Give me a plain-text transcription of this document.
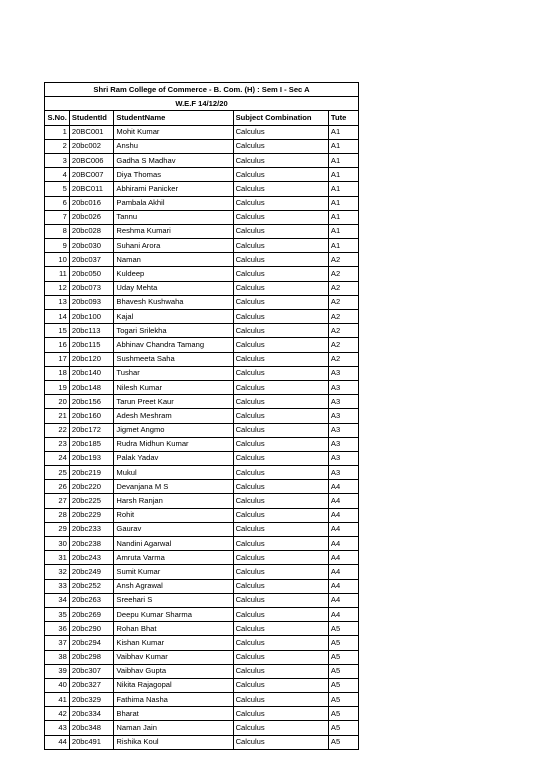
Shri Ram College of Commerce - B. Com. (H) : Sem I - Sec A				
W.E.F 14/12/20				
S.No.	StudentId	StudentName	Subject Combination	Tute
1	20BC001	Mohit Kumar	Calculus	A1
2	20bc002	Anshu	Calculus	A1
3	20BC006	Gadha S Madhav	Calculus	A1
4	20BC007	Diya Thomas	Calculus	A1
5	20BC011	Abhirami Panicker	Calculus	A1
6	20bc016	Pambala Akhil	Calculus	A1
7	20bc026	Tannu	Calculus	A1
8	20bc028	Reshma Kumari	Calculus	A1
9	20bc030	Suhani Arora	Calculus	A1
10	20bc037	Naman	Calculus	A2
11	20bc050	Kuldeep	Calculus	A2
12	20bc073	Uday Mehta	Calculus	A2
13	20bc093	Bhavesh Kushwaha	Calculus	A2
14	20bc100	Kajal	Calculus	A2
15	20bc113	Togari Srilekha	Calculus	A2
16	20bc115	Abhinav Chandra Tamang	Calculus	A2
17	20bc120	Sushmeeta Saha	Calculus	A2
18	20bc140	Tushar	Calculus	A3
19	20bc148	Nilesh Kumar	Calculus	A3
20	20bc156	Tarun Preet Kaur	Calculus	A3
21	20bc160	Adesh Meshram	Calculus	A3
22	20bc172	Jigmet Angmo	Calculus	A3
23	20bc185	Rudra Midhun Kumar	Calculus	A3
24	20bc193	Palak Yadav	Calculus	A3
25	20bc219	Mukul	Calculus	A3
26	20bc220	Devanjana M S	Calculus	A4
27	20bc225	Harsh Ranjan	Calculus	A4
28	20bc229	Rohit	Calculus	A4
29	20bc233	Gaurav	Calculus	A4
30	20bc238	Nandini Agarwal	Calculus	A4
31	20bc243	Amruta Varma	Calculus	A4
32	20bc249	Sumit Kumar	Calculus	A4
33	20bc252	Ansh Agrawal	Calculus	A4
34	20bc263	Sreehari S	Calculus	A4
35	20bc269	Deepu Kumar Sharma	Calculus	A4
36	20bc290	Rohan Bhat	Calculus	A5
37	20bc294	Kishan Kumar	Calculus	A5
38	20bc298	Vaibhav Kumar	Calculus	A5
39	20bc307	Vaibhav Gupta	Calculus	A5
40	20bc327	Nikita Rajagopal	Calculus	A5
41	20bc329	Fathima Nasha	Calculus	A5
42	20bc334	Bharat	Calculus	A5
43	20bc348	Naman Jain	Calculus	A5
44	20bc491	Rishika Koul	Calculus	A5
